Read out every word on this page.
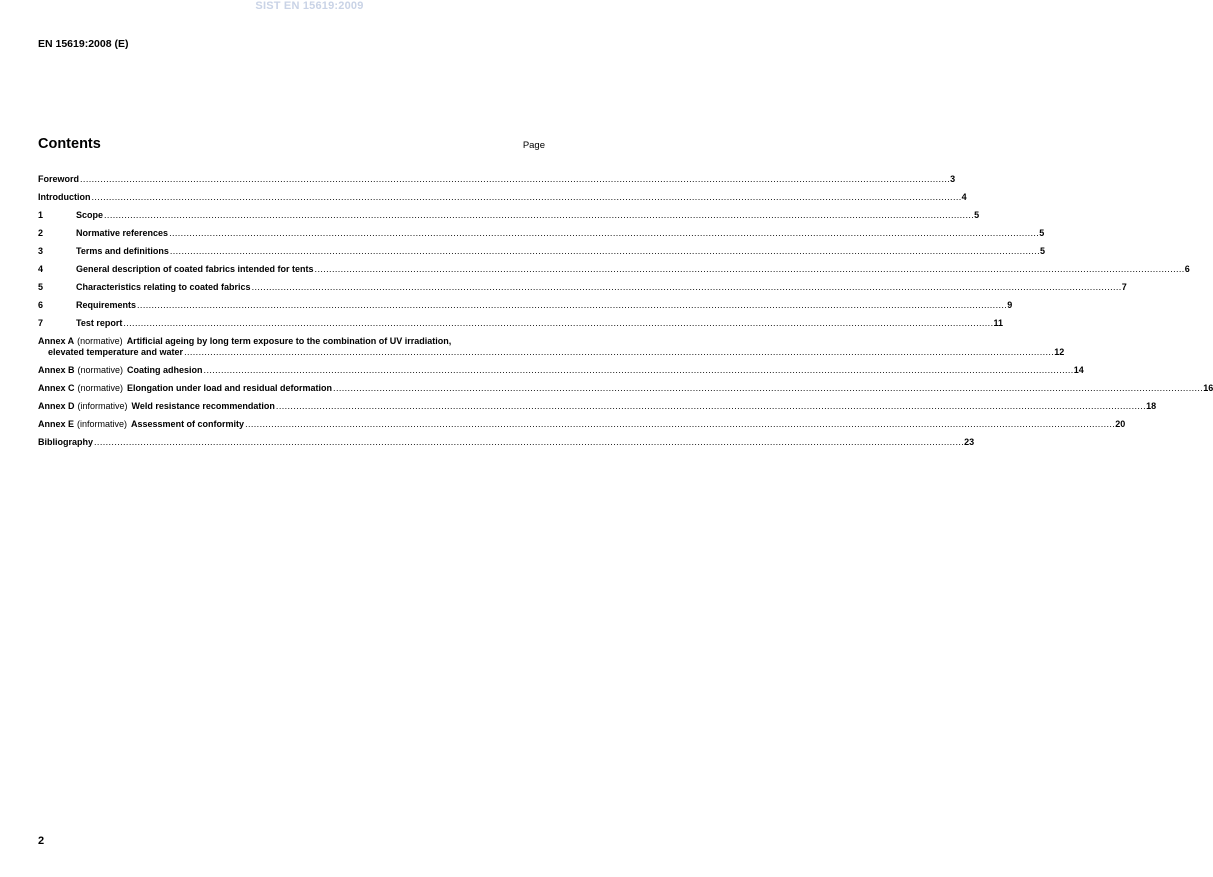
SIST EN 15619:2009
EN 15619:2008 (E)
Contents	Page
Foreword ............................................................................................................................................................................................................................................................................................................ 3
Introduction ............................................................................................................................................................................................................................................................................................................ 4
1	Scope ............................................................................................................................................................................................................................................................................................................ 5
2	Normative references ............................................................................................................................................................................................................................................................................................................ 5
3	Terms and definitions ............................................................................................................................................................................................................................................................................................................ 5
4	General description of coated fabrics intended for tents ............................................................................................................................................................................................................................................................................................................ 6
5	Characteristics relating to coated fabrics ............................................................................................................................................................................................................................................................................................................ 7
6	Requirements ............................................................................................................................................................................................................................................................................................................ 9
7	Test report ............................................................................................................................................................................................................................................................................................................ 11
Annex A (normative) Artificial ageing by long term exposure to the combination of UV irradiation,
elevated temperature and water ............................................................................................................................................................................................................................................................................................................ 12
Annex B (normative) Coating adhesion ............................................................................................................................................................................................................................................................................................................ 14
Annex C (normative) Elongation under load and residual deformation ............................................................................................................................................................................................................................................................................................................ 16
Annex D (informative) Weld resistance recommendation ............................................................................................................................................................................................................................................................................................................ 18
Annex E (informative) Assessment of conformity ............................................................................................................................................................................................................................................................................................................ 20
Bibliography ............................................................................................................................................................................................................................................................................................................ 23
2
